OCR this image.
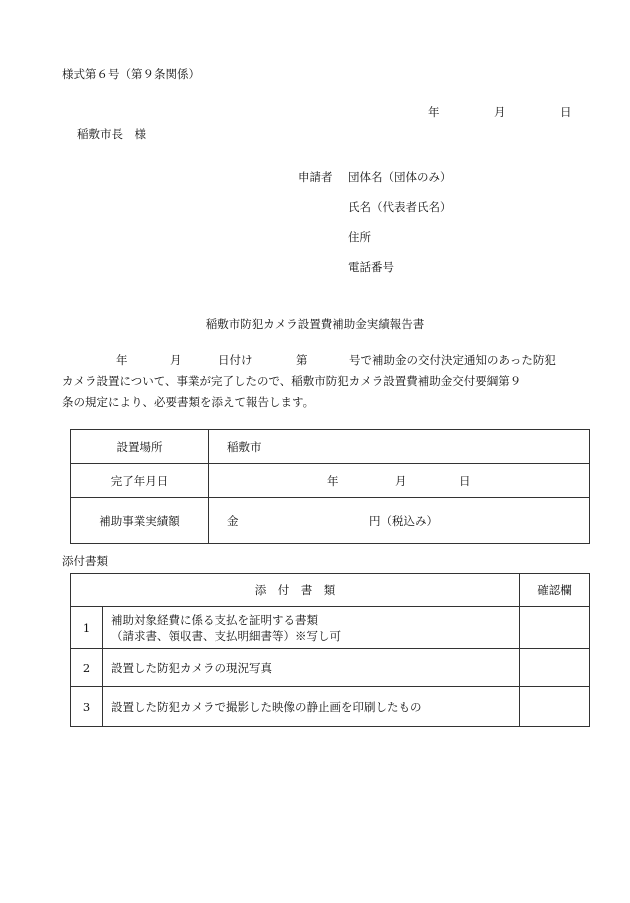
様式第６号（第９条関係）
年	月	日
稲敷市長　様
申請者 団体名（団体のみ）
氏名（代表者氏名）
住所
電話番号
稲敷市防犯カメラ設置費補助金実績報告書
年	月	日付け	第	号で補助金の交付決定通知のあった防犯
カメラ設置について、事業が完了したので、稲敷市防犯カメラ設置費補助金交付要綱第９
条の規定により、必要書類を添えて報告します。
設置場所	稲敷市
完了年月日	年 月 日

補助事業実績額	金 円（税込み）
添付書類
添　付　書　類		確認欄
1	補助対象経費に係る支払を証明する書類
（請求書、領収書、支払明細書等）※写し可	

2	設置した防犯カメラの現況写真	
3	設置した防犯カメラで撮影した映像の静止画を印刷したもの	
